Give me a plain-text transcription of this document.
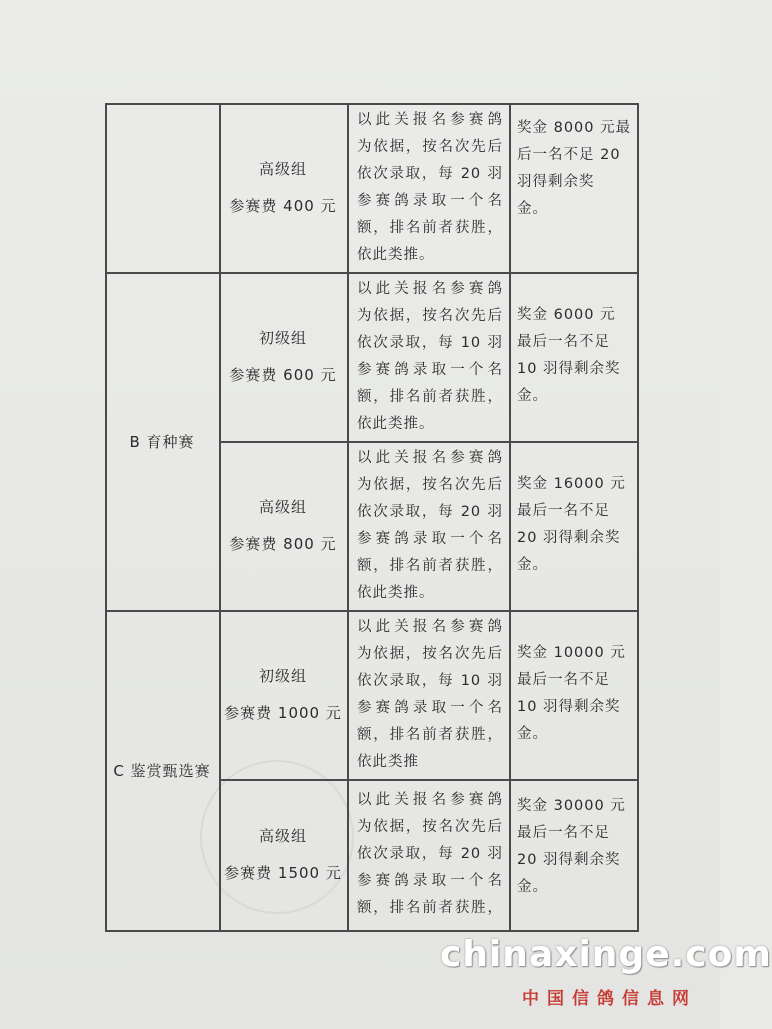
B 育种赛
C 鉴赏甄选赛
高级组
参赛费 400 元
以此关报名参赛鸽
为依据，按名次先后
依次录取，每 20 羽
参赛鸽录取一个名
额，排名前者获胜，
依此类推。
奖金 8000 元最
后一名不足 20
羽得剩余奖
金。
初级组
参赛费 600 元
以此关报名参赛鸽
为依据，按名次先后
依次录取，每 10 羽
参赛鸽录取一个名
额，排名前者获胜，
依此类推。
奖金 6000 元
最后一名不足
10 羽得剩余奖
金。
高级组
参赛费 800 元
以此关报名参赛鸽
为依据，按名次先后
依次录取，每 20 羽
参赛鸽录取一个名
额，排名前者获胜，
依此类推。
奖金 16000 元
最后一名不足
20 羽得剩余奖
金。
初级组
参赛费 1000 元
以此关报名参赛鸽
为依据，按名次先后
依次录取，每 10 羽
参赛鸽录取一个名
额，排名前者获胜，
依此类推
奖金 10000 元
最后一名不足
10 羽得剩余奖
金。
高级组
参赛费 1500 元
以此关报名参赛鸽
为依据，按名次先后
依次录取，每 20 羽
参赛鸽录取一个名
额，排名前者获胜，
奖金 30000 元
最后一名不足
20 羽得剩余奖
金。
chinaxinge.com
中国信鸽信息网
